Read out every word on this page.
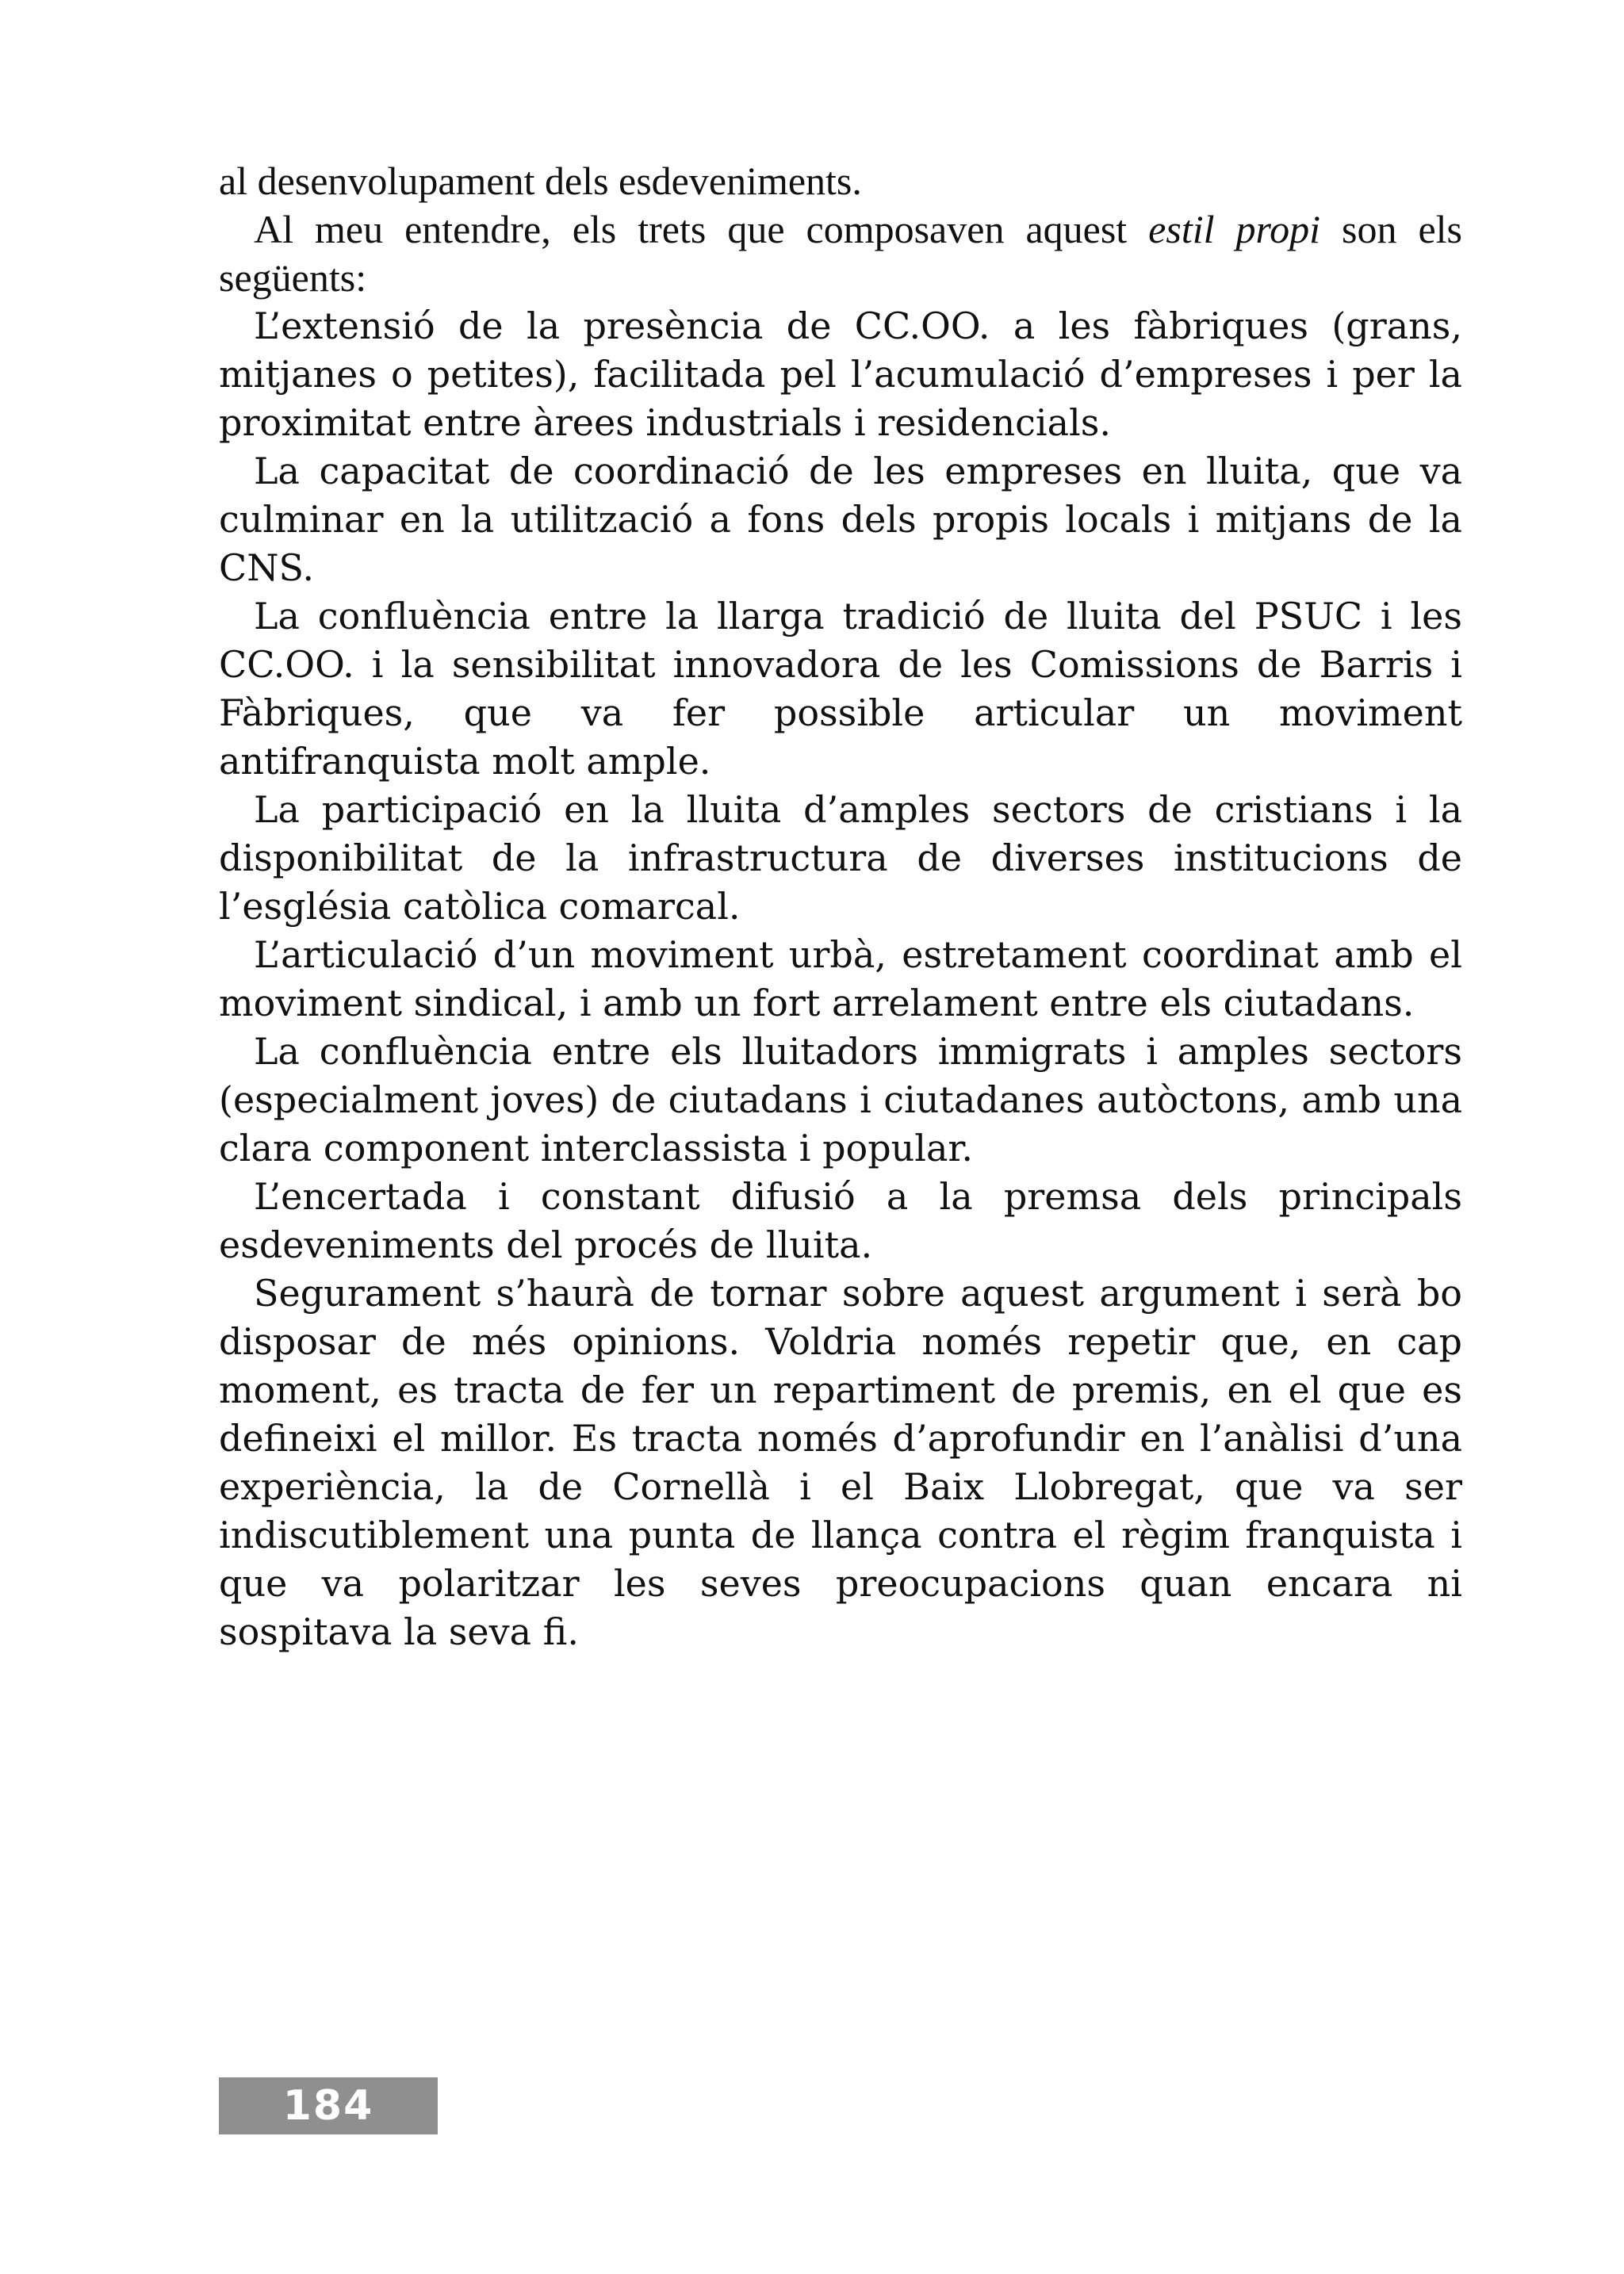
al desenvolupament dels esdeveniments.

Al meu entendre, els trets que composaven aquest estil propi son els següents:

L’extensió de la presència de CC.OO. a les fàbriques (grans, mitjanes o petites), facilitada pel l’acumulació d’empreses i per la proximitat entre àrees industrials i residencials.

La capacitat de coordinació de les empreses en lluita, que va culminar en la utilització a fons dels propis locals i mitjans de la CNS.

La confluència entre la llarga tradició de lluita del PSUC i les CC.OO. i la sensibilitat innovadora de les Comissions de Barris i Fàbriques, que va fer possible articular un moviment antifranquista molt ample.

La participació en la lluita d’amples sectors de cristians i la disponibilitat de la infrastructura de diverses institucions de l’església catòlica comarcal.

L’articulació d’un moviment urbà, estretament coordinat amb el moviment sindical, i amb un fort arrelament entre els ciutadans.

La confluència entre els lluitadors immigrats i amples sectors (especialment joves) de ciutadans i ciutadanes autòctons, amb una clara component interclassista i popular.

L’encertada i constant difusió a la premsa dels principals esdeveniments del procés de lluita.

Segurament s’haurà de tornar sobre aquest argument i serà bo disposar de més opinions. Voldria només repetir que, en cap moment, es tracta de fer un repartiment de premis, en el que es defineixi el millor. Es tracta només d’aprofundir en l’anàlisi d’una experiència, la de Cornellà i el Baix Llobregat, que va ser indiscutiblement una punta de llança contra el règim franquista i que va polaritzar les seves preocupacions quan encara ni sospitava la seva fi.

184
